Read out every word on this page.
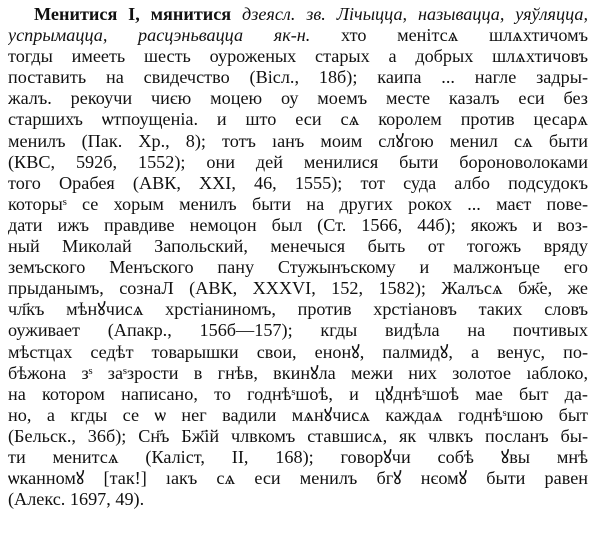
Менитися I, мянитися дзеясл. зв. Лічыцца, называцца, уяўляцца,
успрымацца, расцэньвацца як-н. хто менітсѧ шлѧхтичомъ
тогды имееть шесть оуроженых старых а добрых шлѧхтичовъ
поставить на свидечство (Вісл., 18б); каипа ... нагле задры-
жалъ. рекоучи чиєю моцею оу моемъ месте казалъ еси без
старшихъ ѡтпоущеніа. и што еси сѧ королем против цесарѧ
менилъ (Пак. Хр., 8); тотъ ıанъ моим слꙋгою менил сѧ быти
(КВС, 592б, 1552); они дей менилися быти бороноволоками
того Орабея (АВК, XXI, 46, 1555); тот суда албо подсудокъ
которыˢ се хорым менилъ быти на других рокох ... маєт пове-
дати ижъ правдиве немоцон был (Ст. 1566, 44б); якожъ и воз-
ный Миколай Запольский, менечыся быть от тогожъ вряду
земъского Менъского пану Стужынъскому и малжонъце его
прыданымъ, сознаЛ (АВК, XXXVI, 152, 1582); Жалъсѧ бж҃е, же
чл҃къ мѣнꙋчисѧ хрстіаниномъ, против хрстіановъ таких словъ
оуживает (Апакр., 156б—157); кгды видѣла на почтивых
мѣстцах седѣт товарышки свои, енонꙋ, палмидꙋ, а венус, по-
бѣжона зˢ заˢзрости в гнѣв, вкинꙋла межи них золотое ıаблоко,
на котором написано, то годнѣˢшоѣ, и цꙋднѣˢшоѣ мае быт да-
но, а кгды се ѡ нег вадили мѧнꙋчисѧ каждаѧ годнѣˢшою быт
(Бельск., 36б); Сн҃ъ Бж҃ій члвкомъ ставшисѧ, як члвкъ посланъ бы-
ти менитсѧ (Каліст, II, 168); говорꙋчи собѣ ꙋвы мнѣ
ѡканномꙋ [так!] ıакъ сѧ еси менилъ бгꙋ нєомꙋ быти равен
(Алекс. 1697, 49).
